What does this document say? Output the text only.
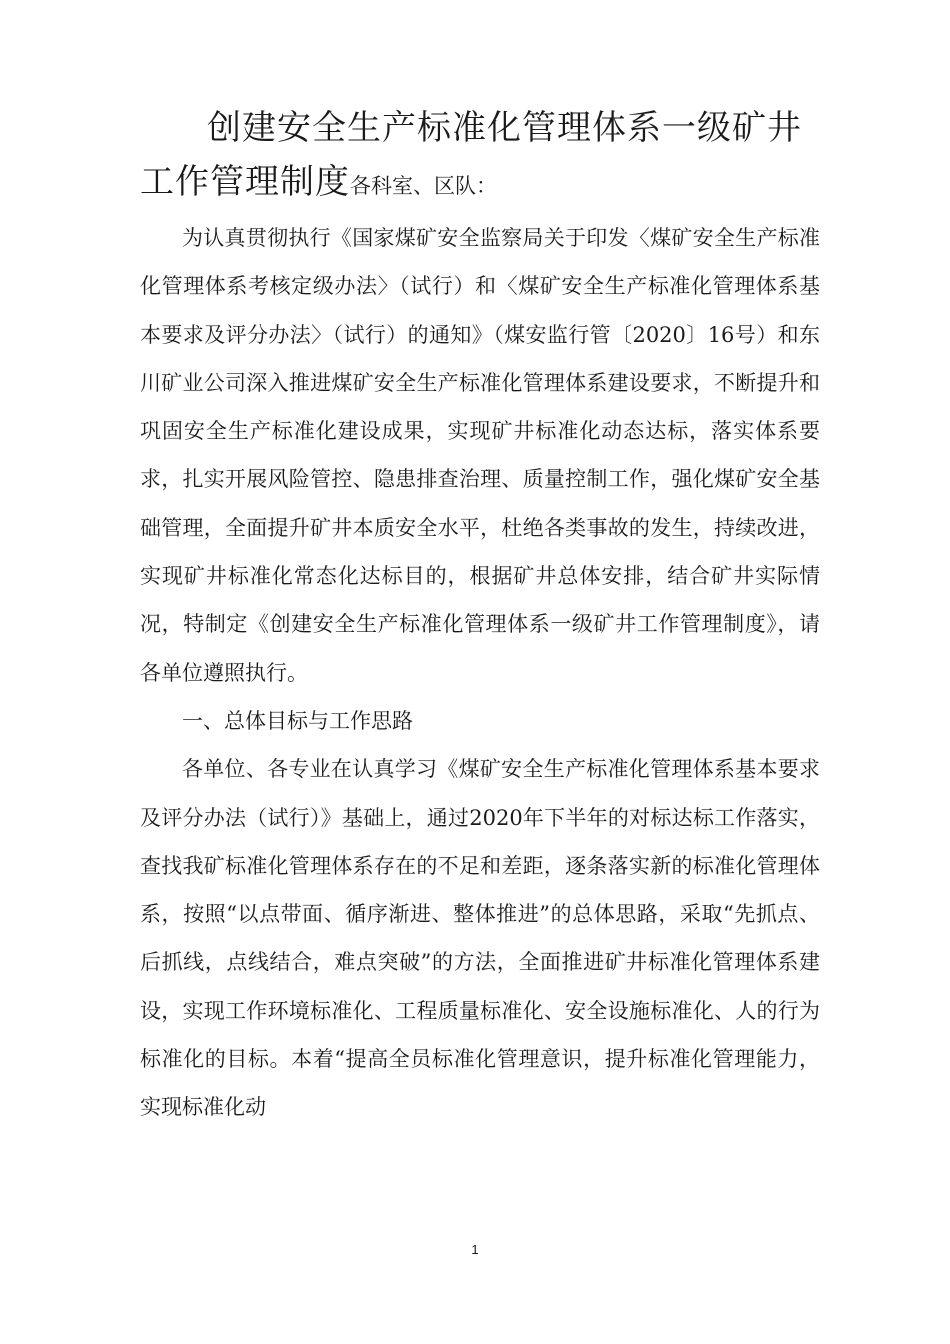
创建安全生产标准化管理体系一级矿井
工作管理制度各科室、区队：

为认真贯彻执行《国家煤矿安全监察局关于印发〈煤矿安全生产标准化管理体系考核定级办法〉（试行）和〈煤矿安全生产标准化管理体系基本要求及评分办法〉（试行）的通知》（煤安监行管〔2020〕16号）和东川矿业公司深入推进煤矿安全生产标准化管理体系建设要求，不断提升和巩固安全生产标准化建设成果，实现矿井标准化动态达标，落实体系要求，扎实开展风险管控、隐患排查治理、质量控制工作，强化煤矿安全基础管理，全面提升矿井本质安全水平，杜绝各类事故的发生，持续改进，实现矿井标准化常态化达标目的，根据矿井总体安排，结合矿井实际情况，特制定《创建安全生产标准化管理体系一级矿井工作管理制度》，请各单位遵照执行。

一、总体目标与工作思路

各单位、各专业在认真学习《煤矿安全生产标准化管理体系基本要求及评分办法（试行）》基础上，通过2020年下半年的对标达标工作落实，查找我矿标准化管理体系存在的不足和差距，逐条落实新的标准化管理体系，按照“以点带面、循序渐进、整体推进”的总体思路，采取“先抓点、后抓线，点线结合，难点突破”的方法，全面推进矿井标准化管理体系建设，实现工作环境标准化、工程质量标准化、安全设施标准化、人的行为标准化的目标。本着“提高全员标准化管理意识，提升标准化管理能力，实现标准化动

1
